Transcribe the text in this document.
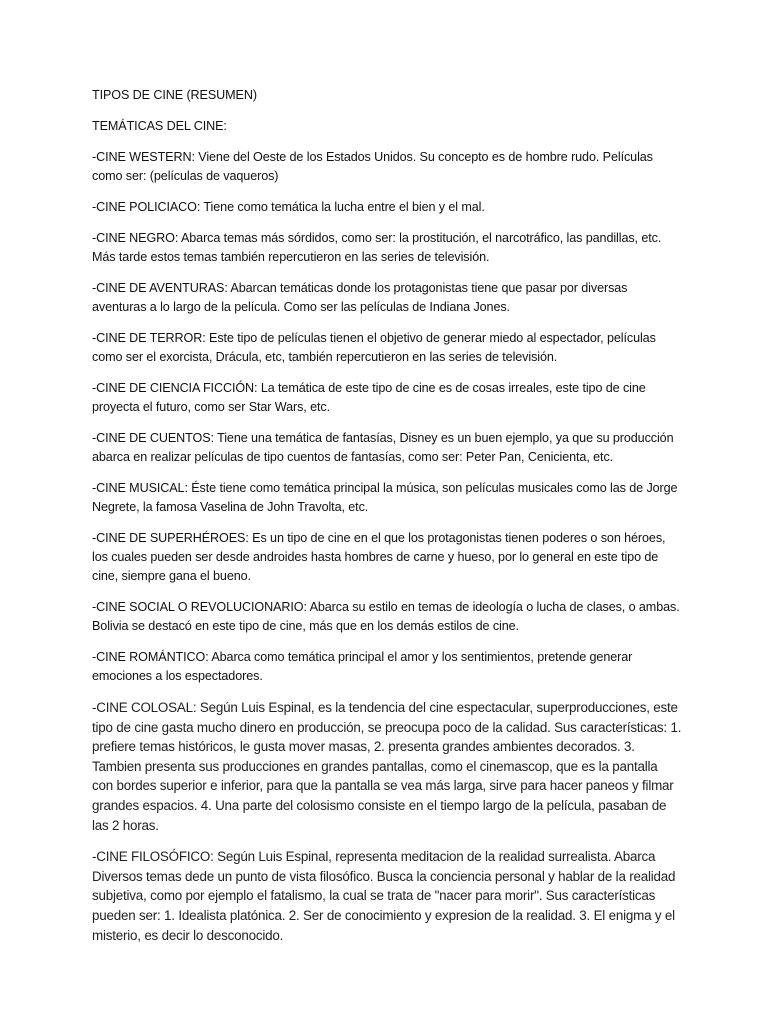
TIPOS DE CINE (RESUMEN)

TEMÁTICAS DEL CINE:

-CINE WESTERN: Viene del Oeste de los Estados Unidos. Su concepto es de hombre rudo. Películas como ser: (películas de vaqueros)

-CINE POLICIACO: Tiene como temática la lucha entre el bien y el mal.

-CINE NEGRO: Abarca temas más sórdidos, como ser: la prostitución, el narcotráfico, las pandillas, etc. Más tarde estos temas también repercutieron en las series de televisión.

-CINE DE AVENTURAS: Abarcan temáticas donde los protagonistas tiene que pasar por diversas aventuras a lo largo de la película. Como ser las películas de Indiana Jones.

-CINE DE TERROR: Este tipo de películas tienen el objetivo de generar miedo al espectador, películas como ser el exorcista, Drácula, etc, también repercutieron en las series de televisión.

-CINE DE CIENCIA FICCIÓN: La temática de este tipo de cine es de cosas irreales, este tipo de cine proyecta el futuro, como ser Star Wars, etc.

-CINE DE CUENTOS: Tiene una temática de fantasías, Disney es un buen ejemplo, ya que su producción abarca en realizar películas de tipo cuentos de fantasías, como ser: Peter Pan, Cenicienta, etc.

-CINE MUSICAL: Éste tiene como temática principal la música, son películas musicales como las de Jorge Negrete, la famosa Vaselina de John Travolta, etc.

-CINE DE SUPERHÉROES: Es un tipo de cine en el que los protagonistas tienen poderes o son héroes, los cuales pueden ser desde androides hasta hombres de carne y hueso, por lo general en este tipo de cine, siempre gana el bueno.

-CINE SOCIAL O REVOLUCIONARIO: Abarca su estilo en temas de ideología o lucha de clases, o ambas. Bolivia se destacó en este tipo de cine, más que en los demás estilos de cine.

-CINE ROMÁNTICO: Abarca como temática principal el amor y los sentimientos, pretende generar emociones a los espectadores.

-CINE COLOSAL: Según Luis Espinal, es la tendencia del cine espectacular, superproducciones, este tipo de cine gasta mucho dinero en producción, se preocupa poco de la calidad. Sus características: 1. prefiere temas históricos, le gusta mover masas, 2. presenta grandes ambientes decorados. 3. Tambien presenta sus producciones en grandes pantallas, como el cinemascop, que es la pantalla con bordes superior e inferior, para que la pantalla se vea más larga, sirve para hacer paneos y filmar grandes espacios. 4. Una parte del colosismo consiste en el tiempo largo de la película, pasaban de las 2 horas.

-CINE FILOSÓFICO: Según Luis Espinal, representa meditacion de la realidad surrealista. Abarca Diversos temas dede un punto de vista filosófico. Busca la conciencia personal y hablar de la realidad subjetiva, como por ejemplo el fatalismo, la cual se trata de "nacer para morir". Sus características pueden ser: 1. Idealista platónica. 2. Ser de conocimiento y expresion de la realidad. 3. El enigma y el misterio, es decir lo desconocido.
